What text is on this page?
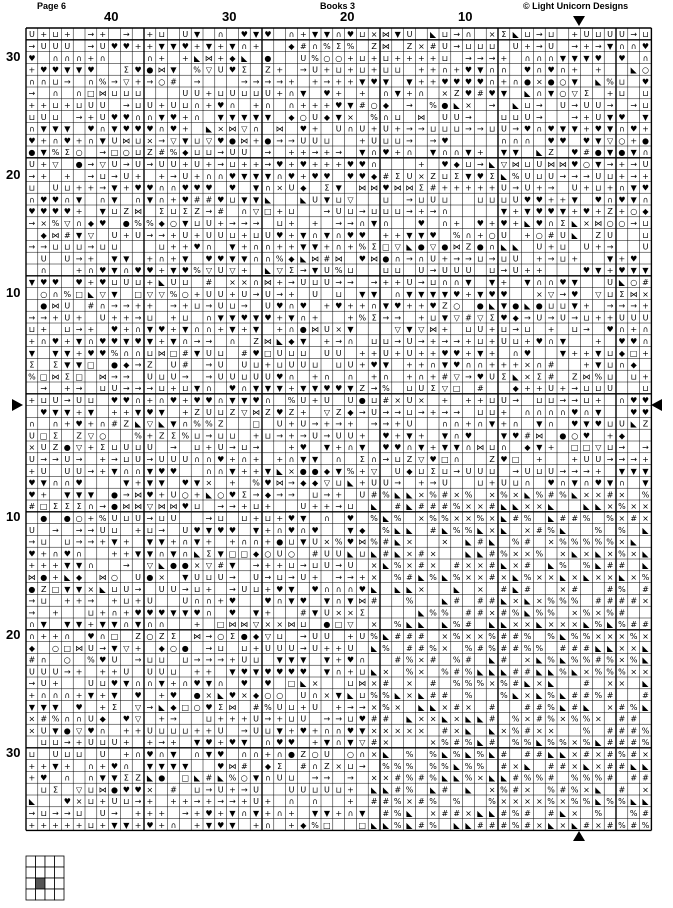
Page 6	Books 3	© Light Unicorn Designs
40	30	20	10
30
20
10
10
20
30
U + ⊔ + → + → + ⊔ U ▼ ∩ ♥ ▼ ♥ ∩ + ▼ ▼ ∩ ♥ ⊔ × ⋈ ▼ U ◣ ⊔ → ∩ × Σ ◣ ⊔ → ⊔ + U ⊔ U U → ⊔
→ U U U → U ♥ ♥ + + ▼ ▼ ♥ + ▼ + ▼ ∩ +	◆ # ∩ % Σ % Z ⋈ Z × # U → ⊔ ⊔ ⊔ U + → U → + → ▼ ∩ ∩ ♥
♥ ∩ ∩ ∩ + ∩	∩ + + ◣ ⋈ + ◆ ◣ ●	U % ○ ○ + ⊔ + ⊔ + + + + ⊔ → → → + ∩ ∩ ∩ ▼ ▼ ▼ ♥ ♥ ∩
+ ♥ ♥ ▼ ▼ ♥	Σ ♥ ● ⋈ ▼ % ▽ U ♥ Σ Z + → U + ⊔ + ⊔ + ⊔ ⊔ + + ∩ + ♥ ▼ ∩ ∩ ♥ ∩ ♥ ∩ + +	◣ ○
∩ ∩ ⊔ → ∩ % → ▽ + → ○ # →	→ → → → + + → + + ▼ ♥ ▼ ▼ + + ♥ ♥ ♥ ♥ ∩ + ∩ ● × ● ○ ▼ ◣ % ⊔ ♥
→ ∩ ∩ □ ⋈ ⊔ ⊔ ⊔	U U + ⊔ U ⊔ ⊔ U + ∩ ▼ ♥ + + ∩ ▼ + ∩ × Z ♥ # ♥ ▼ ◣ ∩ ▼ ○ ▽ Σ + ⊔ ⊔
+ + ⊔ + ⊔ U U → ⊔ U + U ⊔ ∩ + ♥ ∩ + ∩ ∩ + + + ♥ ▼ # ○ ◆ → % ● ◣ × → ◣ ⊔ → U → U U → → ⊔
⊔ U ⊔ → + U ♥ ♥ ∩ ∩ ▼ ♥ + ∩ ▼ ▼ ▼ ▼ ▼ ◆ ○ U ◆ ▼ × % ∩ ⊔ ⋈ U U →	⊔ ⊔ U →	→ + U ▼ ♥ ▼
∩ ▼ ▼ ▼ ♥ ∩ ▼ ♥ ♥ ♥ ∩ ♥ + ◣ × ⋈ ▽ ∩ ⋈ ♥ + U ∩ U + U + → → ⊔ ⊔ ⊔ → → ⊔ U → ♥ ∩ ♥ ▼ ▼ + ♥ ▼ ∩ ♥ +
♥ + ∩ ♥ + ∩ ▼ U ⋈ ⊔ × → ▽ ▼ ⊔ ▽ ♥ ● ⋈ + ● → → U U ⊔	+ U ⊔ ⊔ → → ♥	∩ ∩ ∩ ♥ ♥ ♥ ▼ ▽ ○ + ●
● ▼ % Σ ○ → □ ○ ⊔ Z # % ◆ ⊔ ⊔ → U U → + + → + → ▼ ∩ ♥ + ∩ ▼ ∩ ∩ ▼ + ▼ ▼ ◣ Z ♥ # ● ▼ ● ▼ ∩
U + ▽ ● → ▽ U → U → U U + U + → ⊔ + + → ♥ + ♥ + + + ♥ ♥ ∩	+ ♥ ◆ ⊔ → ◣ ▽ ⋈ ⊔ U ⋈ ⋈ ♥ ○ ▼ → + → U
→ + + → ⊔ → U + + → U + ∩ ∩ ♥ ▼ ▼ ▼ ∩ ♥ + ♥ ♥ ♥ ♥ ◆ # Σ U × Z ⊔ Σ ▼ ♥ Σ ◣ % U ⊔ U → → → U ⊔ + → +
⊔ U ⊔ + + → ▼ + ♥ ♥ ∩ ∩ ♥ ♥ ♥ ♥ ▼ ∩ × U ◆ Σ ▼ ⋈ ⋈ ♥ ⋈ ⋈ Σ # + + + + + U → U + → U + ⊔ + ∩ ▼ ♥
∩ ♥ ♥ ∩ ▼ ∩ ▼ ∩ ▼ ∩ + ♥ # # ♥ ⊔ ▼ ▼ ◣	◣ U ▼ ⊔ ▽	⊔ → ⊔ U ⊔	⊔ ⊔ ⊔ U ♥ ♥ + + ▼ ♥ ∩ ♥ ▼ ∩
♥ ♥ ♥ ♥ + ▼ ⊔ Z ⋈ Σ ⊔ Σ Z → # ∩ ▽ □ + ⊔	→ U ⊔ → ⊔ ⊔ ⊔ → + → ∩	▼ + ▼ ♥ ♥ ▼ + ♥ + Z + ○ ◆
→ × % ▽ ∩ ◆ ♥ ● % % ◆ ○ ▼ ⊔ U + → → → ⊔ + + → → ∩ ▼ ∩	♥ ∩ + ♥ + ♥ + ◣ ♥ ∩ Σ ◣ × ⋈ ○ ○ → ⊔
◆ ⋈ # ▼ ▽ U + U → → + U + U U ⊔ + ⊔ U ♥ + ▼ ∩ ▼ ∩ ♥ ♥ + + ▼ ▼ ♥ % ∩ + ○ U + ○ # U ◣ Z U	⊔
→ → ⊔ ⊔ ⊔ → ⊔ ⊔	⊔ + + ♥ ∩ ▼ + ∩ ∩ + + ▼ ▼ + ∩ + % Σ □ ▽ ◣ ● ▽ ● ⋈ Z ● ∩ ◣ ◣ U + ⊔ U + →	U
U U → + ▼ ▼ + ∩ + ▼ ♥ ♥ ▼ ▼ ∩ ∩ % ◆ ◣ ⋈ # ⋈ ♥ ⋈ ● ∩ → ∩ U + → → ⊔ → ⊔ U + → ⊔ +	▼ + ♥
∩	+ ∩ ♥ ▼ ∩ ♥ ♥ + ▼ ♥ % ▽ U ▽ + ◣ ▽ Σ → ▼ U % ⊔	⊔ ⊔ U → U U U ⊔ → U + +	♥ ▼ + ♥ ▼ ▼
▼ ♥ ♥ ♥ + ♥ ⊔ U ⊔ + ◣ U ⊔ # × × ∩ ⋈ + → U ⊔ U → → → + + U → ⊔ ∩ ∩ ▼ ▼ + ▼ ∩ ∩ ♥ ▼	U ◣ ○ #
○ ∩ % □ ◣ ▽ ▼ □ ▽ ▽ % ○ + U U + U → U → + U ⊔ ▼ ▼ ∩ ▼ ▼ ▼ ▼ ♥ + ▼ ♥ ♥	× ▽ → ♥ ▽ ⊔ Σ ⋈ ×
● ⋈ U # ∩ → → + + → + ⊔ → U ⊔ → U ♥ ∩ ♥ + ♥ + + ∩ ▼ ♥ + + ♥ Z ○ ● ◣ ▼ ● ◣ ● ⊔ ⊔ ▼ + → → → +
→ → + U + U + + → ⊔ + ⊔ ∩ ▼ ▼ ♥ ▼ ♥ + ▼ ∩ +	+ % Σ → → + ⊔ ▼ ▽ # ▽ Σ ♥ ◆ → U → U → ⊔ + + U U U
⊔ + ⊔ → + ♥ + ∩ ▼ ♥ + ▼ ∩ ∩ + ▼ + ▼ + ∩ ● ⋈ U × ▼	▽ ▼ ▽ ⋈ + ⊔ U + ⊔ → ⊔ + ⊔ → ♥ ∩ + ∩
+ ∩ ♥ + ▼ ∩ ♥ ♥ ▼ ♥ ▼ + ▼ ∩ → → ∩ Z ⋈ ◣ ◆ ▼ + → ∩ ⊔ ⊔ → U → + → → + ⊔ + U ⊔ + ♥ ∩ ▼	+ ♥ ♥ ∩
▼ ▼ ▼ + ♥ ♥ % ∩ ∩ ⊔ ⋈ □ # ▼ U ⊔ # ♥ □ U ⊔ ⊔ U U + + U + U + + ♥ ♥ + ▼ + ∩ ♥	▼ + + ▼ ⊔ ◆ □ +
Σ Σ ▼ ▼ □ ● ◆ → Z U # → U U ⊔ + ⊔ U U ⊔ ⊔ U + ♥ ▼ + + ∩ ▼ ♥ ∩ ∩ + + + × ∩ #	+ ▼ ⊔ ∩ ◆
% □ ⋈ Σ □ ⋈ → → U ⊔ U → → U U ⊔ U U ♥ ∩ + ∩ ∩ + ∩ + ∩ + # ▽ → ♥ U Σ ◣ × Σ # Z ⋈ % ⊔ ⊔ +
→ + → ⊔ U → → → ⊔ + ⊔ ▼ ∩ ♥ ∩ ▼ ▼ ▼ + ▼ ▼ ♥ ♥ ▼ Z → % ⊔ U Σ ▽ □ #	◆ + + U + → ⊔ ⊔ U	⊔
+ ⊔ U → U ⊔ ♥ ♥ ∩ + ∩ ♥ + ♥ ♥ ∩ ▼ ▼ ♥ ∩ % U + U U ● ⊔ # × U × + + + ⊔ U → ⊔ ⊔ → → ⊔ + ∩ ♥ ♥
♥ ▼ ▼ + ▼ + + ▼ ♥ ▼ + Z U ⊔ Z ▽ ⋈ Z ♥ Z + ▽ Z ◆ → U → → ⊔ → + → → ⊔ ⊔ + ∩ ∩ ∩ ∩ ♥ ∩ ▼	♥ ♥
∩ ∩ + ♥ + ∩ # Z ◣ ▽ ◣ ▼ ∩ % % Z	□ U + U → + → + → → + U	∩ ∩ + ∩ ▼ + ∩ ▼ ∩ ♥ ▼ ♥ ⊔ U ◣ Z
U □ Σ Z ▽ ○	% + Z Σ % ⊔ → ⊔ ⊔ + ⊔ → + → U → U U + ♥ + ▼ + ▼ ∩ ♥	▼ ♥ # ⋈ ● ○ ♥ + ◆
× U Z ● ▽ + Σ ⊔ U ⊔ U → ⊔ + U → ⊔ →	+ ♥ ▼ + ∩ ▼ ♥ ♥ ∩ ▼ + ▼ ▼ ∩ ⋈ ⊔ ∩ ◆ ▼ + □ □ ▽ ⊔ → →
U → → U → + → ⊔ U → U U U ∩ ∩ ♥ + ∩ + + ∩ ▼ ▼ ∩ Σ ∩ → ⊔ Z ▽ ♥ □ ∩	Z ♥ □ +	+ U U → → → +
+ U U U → + ▼ ∩ ∩ ▼ ♥ ♥	∩ ∩ ▼ + + ▼ ◣ × ● ● ◆ ▼ % + ▽ U ◆ ⊔ Σ ⊔ → U U ⊔ → U ⊔ U → → → + ▼ ▼ ▼
♥ ▼ ∩ ∩ ♥	▼ + ▼ ▼ ♥ ▼ × + % ♥ ⋈ → ◆ ◆ ▽ ⊔ ◣ + U U → + → U	⊔ + U ⊔ ∩ ♥ ∩ ▼ ∩ ♥ ▼ ∩ ▼
♥ + ▼ ▼ ▼ ● → ⋈ ♥ + U ○ + ◣ ○ ♥ Σ → ◆ → → ⊔ → + U # % ◣ ◣ × % # × % × % × ◣ % # % ◣ × × # × %
# □ Σ Σ Σ ∩ → ● ⋈ ⋈ ▽ ⋈ ⋈ ♥ ⊔ → → + ⊔ +	U + + → ⊔ ◣ # ◣ # # # % × × # ◣ ◣ × × ◣	◣ ◣ × % × ×
● ● ○ + % U ⊔ U → ⊔ U	→ ⊔ ⊔ + ⊔ + ♥ ▼ ∩ ♥ % ◣ % × % % × × % × ◣ # % ◣ # # % % × # ×
U → → → U ⊔ + ⊔ → U ♥ ▼ ♥ ♥ ▼ + ∩ ♥ ∩ ♥	▼ ◆ % ◣ ◣ # ◣ % % ◣ × ◣ × # % ◣	% % ◣
→ ⊔ ⊔ → → + ▼ + ▼ ▼ + ∩ ▼ + + ∩ ∩ + ● ⊔ ▼ U × % ♥ ⋈ % # ◣ ×	× ◣ # ◣ % # × % % % % % × ◣
♥ + ∩ ♥ ∩	+ + ▼ ▼ ∩ ▼ ∩ ◣ Σ ▼ □ □ ◆ ○ U ○ # U U ◣ ⊔ ◣ # ◣ × # ×	◣ ◣ # % × × % × ◣ × ◣ × % × ◣
+ + + ▼ ▼ ∩	→ ▽ ◣ ● ● × ▽ # ▼ → + + ⊔ → ⊔ U → U × ◣ % × # × # × × # ◣ × # ◣ % % ◣ # # ◣
⋈ ● + ◣ ◆ ⋈ ○ U ● × ▼ U ⊔ U → U → ⊔ → U + → → + × % # ◣ % ◣ % × × # × ◣ % × × ◣ × ◣ × × ◣ × %
● Z □ ▼ ▼ × ◣ ⊔ U → U U → ⊔ + → U ⊔ + ♥ ▼ ♥ ∩ ∩ ∩ ♥ ◣ ◣ ◣ ×	◣ × # ◣ #	× #	# % #
→ ⊔ + + → + ⊔ + U	U ∩ ∩ + ♥	♥ ∩ ▼ ♥ ▼ ∩ ▼ ⋈ #	%	◣ # # # ◣ × ◣ × % % % # # # # ×
→ +	⊔ + ∩ + ♥ ♥ ♥ ▼ ▼ ♥ ∩ ♥ ▼ +	# ▼ U × × Σ	◣ % % # # × # % ◣ % % × % × % #
∩ ▼ ▼ ▼ + ▼ ▼ ∩ ▼ ∩ ∩	+ □ ⋈ ⋈ ▽ × × ⋈ ⊔ ● □ ▽ × % ◣ ◣ ◣ % # ◣ ◣ × × ◣ × × × ◣ % ◣ % # #
∩ + + ∩ ♥ ∩ □ Z ○ Z Σ ⋈ → ○ Σ ● ◆ ▽ ⊔ → U U + U % ◣ # # # × % × × % # # % % ◣ % % × × × % ×
◆ ○ □ ⋈ U → ▼ ▽ + ◆ ○ ● → ⊔ ⊔ + U U U → U + + U ◣ % # # % × % # % # # % % # # # ◣ ◣ × × ◣
# ∩ ○ % ♥ U → ⊔ ⊔ ⊔ → → → + U ⊔ ▼ ▼ ▼ ▼ + ♥ ∩	# % × # % # ◣ # × ◣ % ◣ % % # % × % ◣
U U U → + + + U U U ⊔ + + ▼ ♥ ▼ ♥ ♥ ♥ ♥ ▼ ∩ + ⊔ ◣ × % × % # % ◣ ◣ ◣ # # ◣ ◣ % ◣ × % % % × ×
→ U +	U ⊔ ♥ ▼ ∩ ∩ ▼ + ∩ ♥ ▼ ∩ ♥ ♥ □ ◣ ×	⊔ ⋈ × # × # % % % × % # ◣ × ◣	# × × ◣
+ ∩ ∩ ∩ + ▼ + ▼ ♥ + ♥ ● × ◣ ♥ × ◆ ○ ○ U ∩ × ▼ ◣ ⊔ % % ◣ × ◣ # # %	% ◣ × ◣ % ◣ # # % #	#
▼ ▼ ▼ ♥ + Σ ▽ → ◣ ◆ □ ○ ♥ Σ ⋈ # % U ⊔ + U + → → × % × ◣ ◣ × # × #	# # % ◣ # ◣ × # % ◣
× # % ∩ ∩ U ◆ ♥ ▽ + →	⊔ + + + U → + ⊔ U → → ⊔ ♥ # # ◣ × × ◣ × ◣ ◣ # % × # % × % % × # #
× U ▼ ● ▽ ♥ ∩ + + U ⊔ ⊔ ⊔ + + U → U ⊔ ▼ + ♥ + ∩ ∩ ♥ ▼ × × × × × # × ◣ ◣ × % # × ×	% # # # %
⊔ ⊔ → + U ⊔ U + + → + ▼ ♥ + ♥ ▼ ∩ ♥ ♥ + ▼ ∩ ▼ ▽ # ×	× % # % ◣ # % % ◣ % % × % ◣ # # # %
⊔ U ⊔ ⊔ U + ∩ ♥ ∩ ▼ ∩ ▼ ♥ ∩ ∩ + ∩ ● Z ○ U ○ ∩ × ◣ % % ◣ % ◣ % ◣ # # # ◣ ◣ × # × # % # ×
+ + ▼ + ∩ + ♥ ∩ ▼ ▼ ▼ ▼	♥ ⋈ # ◆ Σ # ∩ Z × ⊔ → % % % % % ◣ % % # × ◣ # # × ◣ × # # ◣ ◣
+ ♥ ∩ ∩ ▼ ▼ Σ Z ◣ ● □ ◣ # ◣ % ○ ▼ ∩ U ⊔ → → → × × # % # % ◣ ◣ % × ◣ ◣ # % % # % % % # # #
⊔ Σ ▽ ⊔ ⋈ ● ♥ ♥ × # ⊔ → U + → U	U U ⊔ U ⊔ + ◣ ◣ # % ◣ # ◣ × % # × % # % × ◣ # ×
◣	♥ × ⊔ + U ⊔ → + + + → + → → + U + ∩ ∩	+ # # % × # % %	% × × × × % × % % ◣ % % ◣ ◣
→ ⊔ → → ⊔ U → + + + → + ♥ + ▼ ∩ ▼ + ∩ + ▼ ▼ + ∩ ▼ # % ◣ × # # × ◣ ◣ # % # # ◣ × %	% #
+ + + + + ⊔ + ▼ ▼ + ♥ + ∩ + ▼ ♥ ▼ + ∩ + ◆ % □	□ ◣ ◣ % ◣ # % ◣ ◣ # # # % # × ◣ × ◣ # × # % # %
